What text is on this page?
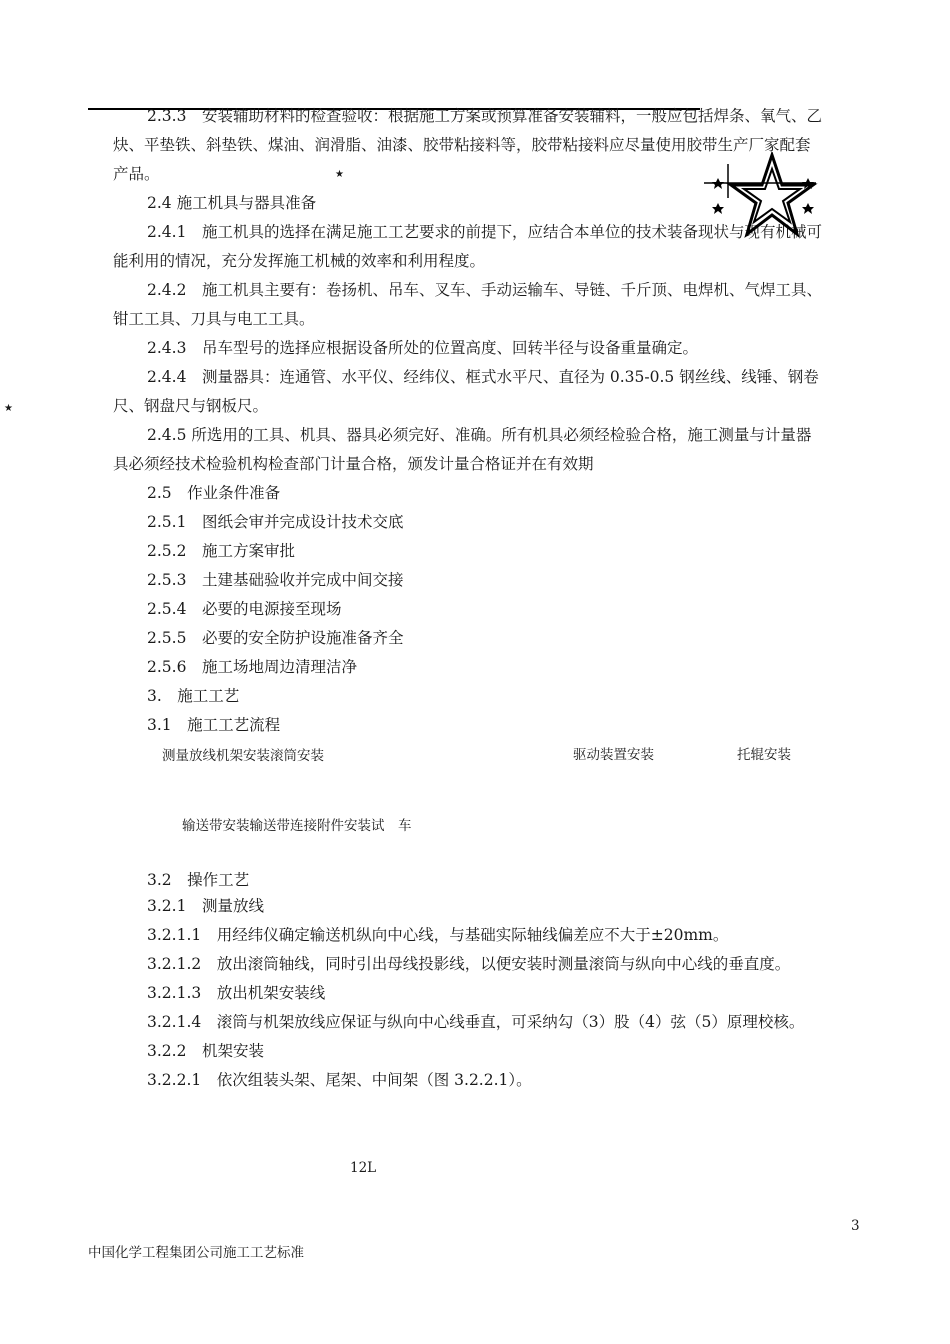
2.3.3　安装辅助材料的检查验收：根据施工方案或预算准备安装辅料，一般应包括焊条、氧气、乙
炔、平垫铁、斜垫铁、煤油、润滑脂、油漆、胶带粘接料等，胶带粘接料应尽量使用胶带生产厂家配套
产品。
2.4 施工机具与器具准备
2.4.1　施工机具的选择在满足施工工艺要求的前提下，应结合本单位的技术装备现状与现有机械可
能利用的情况，充分发挥施工机械的效率和利用程度。
2.4.2　施工机具主要有：卷扬机、吊车、叉车、手动运输车、导链、千斤顶、电焊机、气焊工具、
钳工工具、刀具与电工工具。
2.4.3　吊车型号的选择应根据设备所处的位置高度、回转半径与设备重量确定。
2.4.4　测量器具：连通管、水平仪、经纬仪、框式水平尺、直径为 0.35-0.5 钢丝线、线锤、钢卷
尺、钢盘尺与钢板尺。
2.4.5 所选用的工具、机具、器具必须完好、准确。所有机具必须经检验合格，施工测量与计量器
具必须经技术检验机构检查部门计量合格，颁发计量合格证并在有效期
2.5　作业条件准备
2.5.1　图纸会审并完成设计技术交底
2.5.2　施工方案审批
2.5.3　土建基础验收并完成中间交接
2.5.4　必要的电源接至现场
2.5.5　必要的安全防护设施准备齐全
2.5.6　施工场地周边清理洁净
3.　施工工艺
3.1　施工工艺流程
测量放线机架安装滚筒安装	驱动装置安装	托辊安装
输送带安装输送带连接附件安装试　车
3.2　操作工艺
3.2.1　测量放线
3.2.1.1　用经纬仪确定输送机纵向中心线，与基础实际轴线偏差应不大于±20mm。
3.2.1.2　放出滚筒轴线，同时引出母线投影线，以便安装时测量滚筒与纵向中心线的垂直度。
3.2.1.3　放出机架安装线
3.2.1.4　滚筒与机架放线应保证与纵向中心线垂直，可采纳勾（3）股（4）弦（5）原理校核。
3.2.2　机架安装
3.2.2.1　依次组装头架、尾架、中间架（图 3.2.2.1）。
12L
3
中国化学工程集团公司施工工艺标准
★
★
